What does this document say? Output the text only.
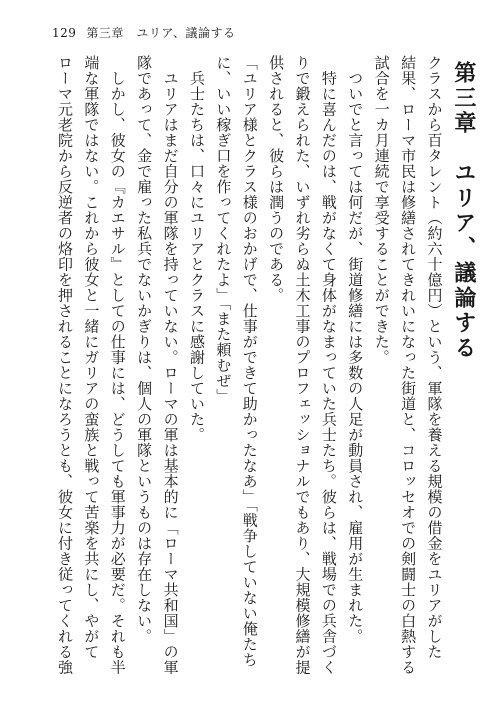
129 第三章　ユリア、議論する
第三章　ユリア、議論する
クラスから百タレント（約六十億円）という、軍隊を養える規模の借金をユリアがした
結果、ローマ市民は修繕されてきれいになった街道と、コロッセオでの剣闘士の白熱する
試合を一カ月連続で享受することができた。
　ついでと言っては何だが、街道修繕には多数の人足が動員され、雇用が生まれた。
　特に喜んだのは、戦がなくて身体がなまっていた兵士たち。彼らは、戦場での兵舎づく
りで鍛えられた、いずれ劣らぬ土木工事のプロフェッショナルでもあり、大規模修繕が提
供されると、彼らは潤うのである。
「ユリア様とクラス様のおかげで、仕事ができて助かったなあ」「戦争していない俺たち
に、いい稼ぎ口を作ってくれたよ」「また頼むぜ」
　兵士たちは、口々にユリアとクラスに感謝していた。
　ユリアはまだ自分の軍隊を持っていない。ローマの軍は基本的に「ローマ共和国」の軍
隊であって、金で雇った私兵でないかぎりは、個人の軍隊というものは存在しない。
　しかし、彼女の『カエサル』としての仕事には、どうしても軍事力が必要だ。それも半
端な軍隊ではない。これから彼女と一緒にガリアの蛮族と戦って苦楽を共にし、やがて
ローマ元老院から反逆者の烙印を押されることになろうとも、彼女に付き従ってくれる強
